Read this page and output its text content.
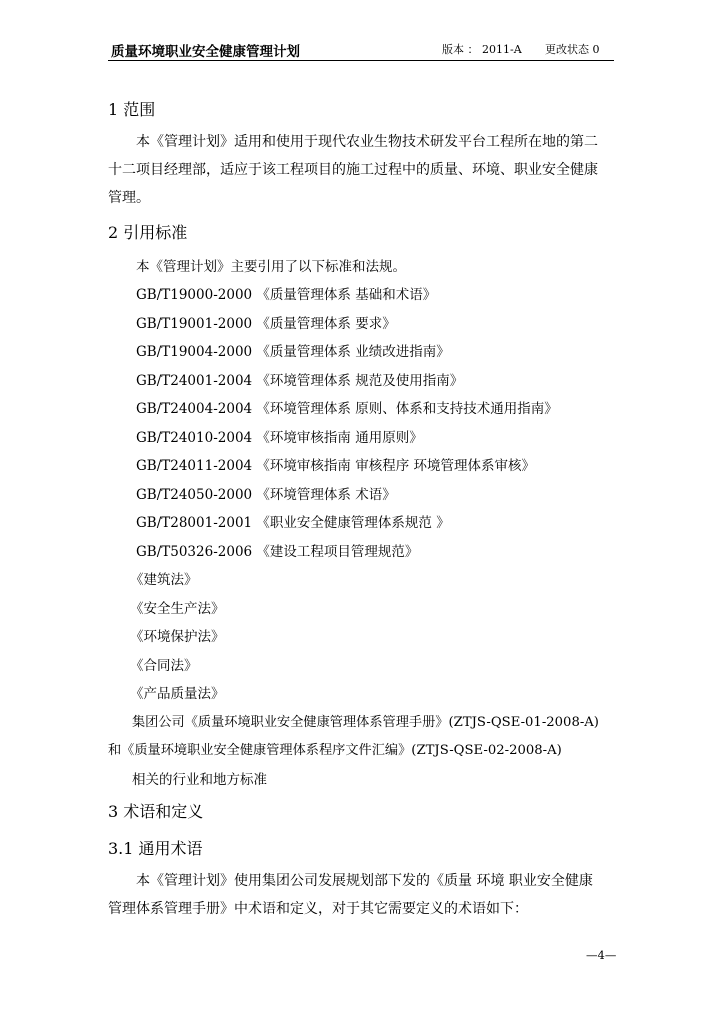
质量环境职业安全健康管理计划	版本 ： 2011-A 更改状态 0
1 范围
本《管理计划》适用和使用于现代农业生物技术研发平台工程所在地的第二
十二项目经理部，适应于该工程项目的施工过程中的质量、环境、职业安全健康
管理。
2 引用标准
本《管理计划》主要引用了以下标准和法规。
GB/T19000-2000 《质量管理体系 基础和术语》
GB/T19001-2000 《质量管理体系 要求》
GB/T19004-2000 《质量管理体系 业绩改进指南》
GB/T24001-2004 《环境管理体系 规范及使用指南》
GB/T24004-2004 《环境管理体系 原则、体系和支持技术通用指南》
GB/T24010-2004 《环境审核指南 通用原则》
GB/T24011-2004 《环境审核指南 审核程序 环境管理体系审核》
GB/T24050-2000 《环境管理体系 术语》
GB/T28001-2001 《职业安全健康管理体系规范 》
GB/T50326-2006 《建设工程项目管理规范》
《建筑法》
《安全生产法》
《环境保护法》
《合同法》
《产品质量法》
集团公司《质量环境职业安全健康管理体系管理手册》(ZTJS-QSE-01-2008-A)
和《质量环境职业安全健康管理体系程序文件汇编》(ZTJS-QSE-02-2008-A)
相关的行业和地方标准
3 术语和定义
3.1 通用术语
本《管理计划》使用集团公司发展规划部下发的《质量 环境 职业安全健康
管理体系管理手册》中术语和定义，对于其它需要定义的术语如下：
—4—
